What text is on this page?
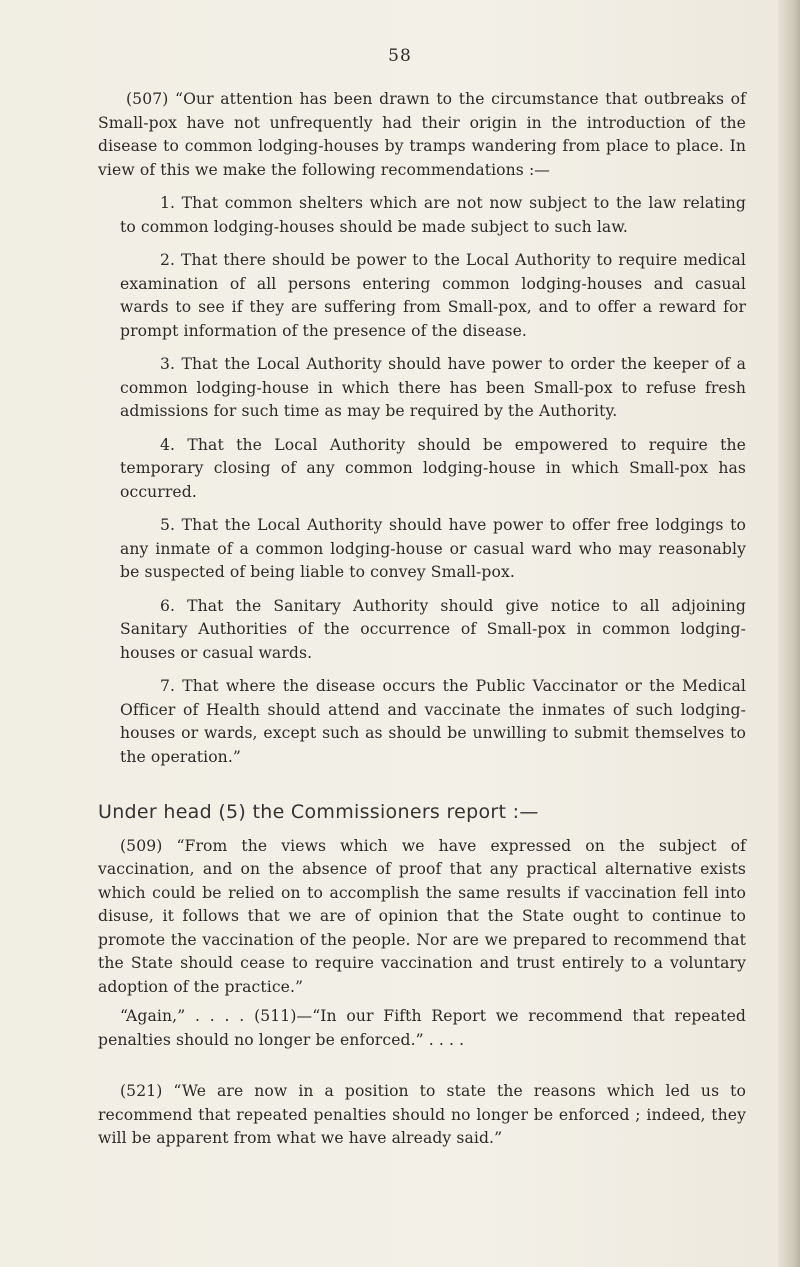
58

(507) “Our attention has been drawn to the circumstance that outbreaks of Small-pox have not unfrequently had their origin in the introduction of the disease to common lodging-houses by tramps wandering from place to place. In view of this we make the following recommendations :—

1. That common shelters which are not now subject to the law relating to common lodging-houses should be made subject to such law.

2. That there should be power to the Local Authority to require medical examination of all persons entering common lodging-houses and casual wards to see if they are suffering from Small-pox, and to offer a reward for prompt information of the presence of the disease.

3. That the Local Authority should have power to order the keeper of a common lodging-house in which there has been Small-pox to refuse fresh admissions for such time as may be required by the Authority.

4. That the Local Authority should be empowered to require the temporary closing of any common lodging-house in which Small-pox has occurred.

5. That the Local Authority should have power to offer free lodgings to any inmate of a common lodging-house or casual ward who may reasonably be suspected of being liable to convey Small-pox.

6. That the Sanitary Authority should give notice to all adjoining Sanitary Authorities of the occurrence of Small-pox in common lodging-houses or casual wards.

7. That where the disease occurs the Public Vaccinator or the Medical Officer of Health should attend and vaccinate the inmates of such lodging-houses or wards, except such as should be unwilling to submit themselves to the operation.”

Under head (5) the Commissioners report :—

(509) “From the views which we have expressed on the subject of vaccination, and on the absence of proof that any practical alternative exists which could be relied on to accomplish the same results if vaccination fell into disuse, it follows that we are of opinion that the State ought to continue to promote the vaccination of the people. Nor are we prepared to recommend that the State should cease to require vaccination and trust entirely to a voluntary adoption of the practice.”

“Again,” . . . . (511)—“In our Fifth Report we recommend that repeated penalties should no longer be enforced.” . . . .

(521) “We are now in a position to state the reasons which led us to recommend that repeated penalties should no longer be enforced ; indeed, they will be apparent from what we have already said.”
